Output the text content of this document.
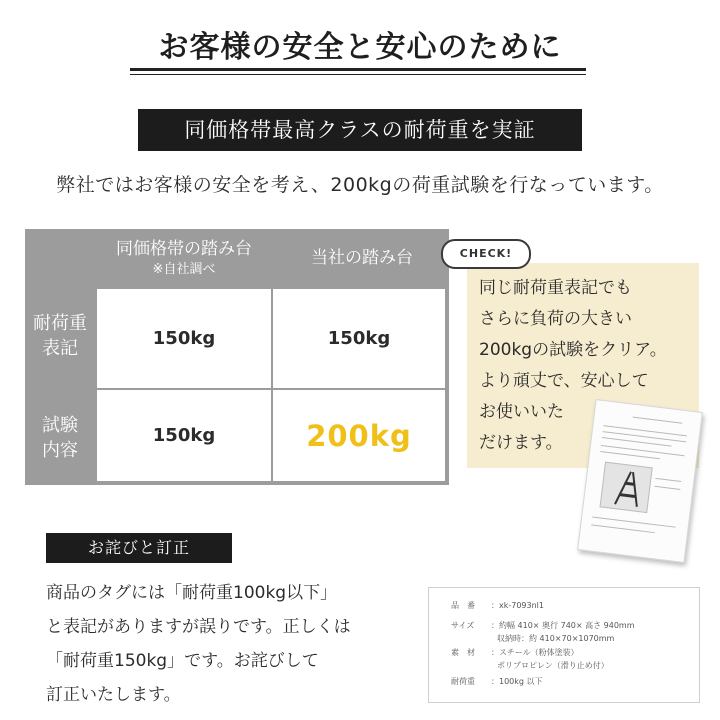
お客様の安全と安心のために
同価格帯最高クラスの耐荷重を実証
弊社ではお客様の安全を考え、200kgの荷重試験を行なっています。
同価格帯の踏み台
※自社調べ
当社の踏み台
耐荷重
表記
試験
内容
150kg	150kg
150kg	200kg
同じ耐荷重表記でも
さらに負荷の大きい
200kgの試験をクリア。
より頑丈で、安心して
お使いいた
だけます。
CHECK!
お詫びと訂正
商品のタグには「耐荷重100kg以下」
と表記がありますが誤りです。正しくは
「耐荷重150kg」です。お詫びして
訂正いたします。
品　番 ：xk-7093nl1
サイズ ：約幅 410× 奥行 740× 高さ 940mm
収納時：約 410×70×1070mm
素　材 ：スチール（粉体塗装）
ポリプロピレン（滑り止め付）
耐荷重 ：100kg 以下
